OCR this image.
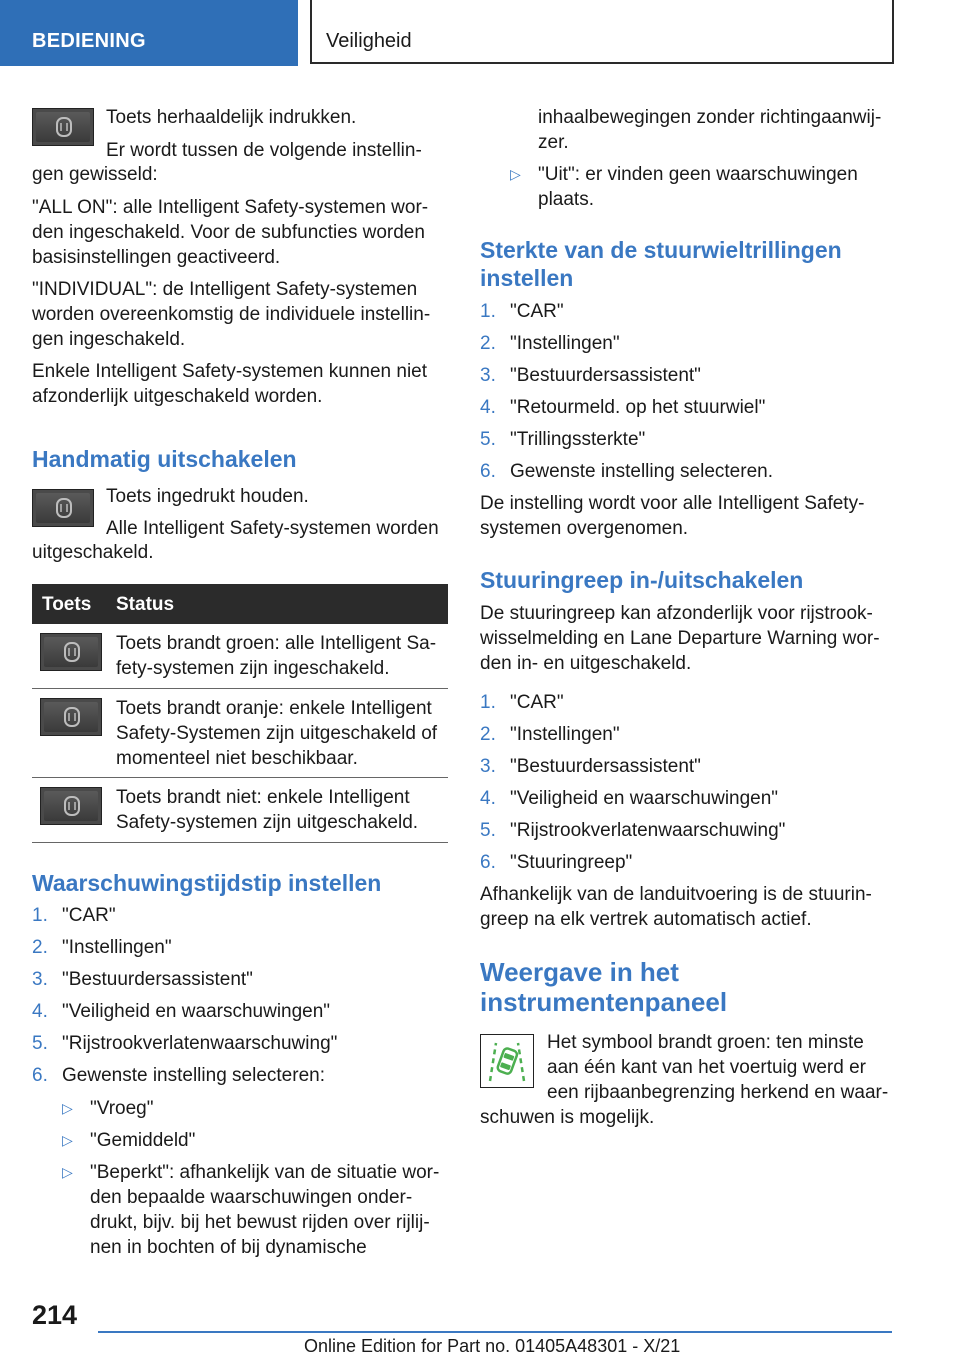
BEDIENING	Veiligheid

Toets herhaaldelijk indrukken.

Er wordt tussen de volgende instellin-

gen gewisseld:

"ALL ON": alle Intelligent Safety-systemen wor-

den ingeschakeld. Voor de subfuncties worden

basisinstellingen geactiveerd.

"INDIVIDUAL": de Intelligent Safety-systemen

worden overeenkomstig de individuele instellin-

gen ingeschakeld.

Enkele Intelligent Safety-systemen kunnen niet

afzonderlijk uitgeschakeld worden.

Handmatig uitschakelen

Toets ingedrukt houden.

Alle Intelligent Safety-systemen worden

uitgeschakeld.

Toets Status

Toets brandt groen: alle Intelligent Sa-

fety-systemen zijn ingeschakeld.

Toets brandt oranje: enkele Intelligent

Safety-Systemen zijn uitgeschakeld of

momenteel niet beschikbaar.

Toets brandt niet: enkele Intelligent

Safety-systemen zijn uitgeschakeld.

Waarschuwingstijdstip instellen
1. "CAR"
2. "Instellingen"
3. "Bestuurdersassistent"
4. "Veiligheid en waarschuwingen"
5. "Rijstrookverlatenwaarschuwing"
6. Gewenste instelling selecteren:
▷ "Vroeg"
▷ "Gemiddeld"
▷ "Beperkt": afhankelijk van de situatie wor-

den bepaalde waarschuwingen onder-

drukt, bijv. bij het bewust rijden over rijlij-

nen in bochten of bij dynamische

inhaalbewegingen zonder richtingaanwij-

zer.

▷ "Uit": er vinden geen waarschuwingen

plaats.

Sterkte van de stuurwieltrillingen
instellen
1. "CAR"
2. "Instellingen"
3. "Bestuurdersassistent"
4. "Retourmeld. op het stuurwiel"
5. "Trillingssterkte"
6. Gewenste instelling selecteren.

De instelling wordt voor alle Intelligent Safety-

systemen overgenomen.

Stuuringreep in-/uitschakelen

De stuuringreep kan afzonderlijk voor rijstrook-

wisselmelding en Lane Departure Warning wor-

den in- en uitgeschakeld.

1. "CAR"
2. "Instellingen"
3. "Bestuurdersassistent"
4. "Veiligheid en waarschuwingen"
5. "Rijstrookverlatenwaarschuwing"
6. "Stuuringreep"

Afhankelijk van de landuitvoering is de stuurin-

greep na elk vertrek automatisch actief.

Weergave in het
instrumentenpaneel

Het symbool brandt groen: ten minste

aan één kant van het voertuig werd er

een rijbaanbegrenzing herkend en waar-

schuwen is mogelijk.

214
Online Edition for Part no. 01405A48301 - X/21
